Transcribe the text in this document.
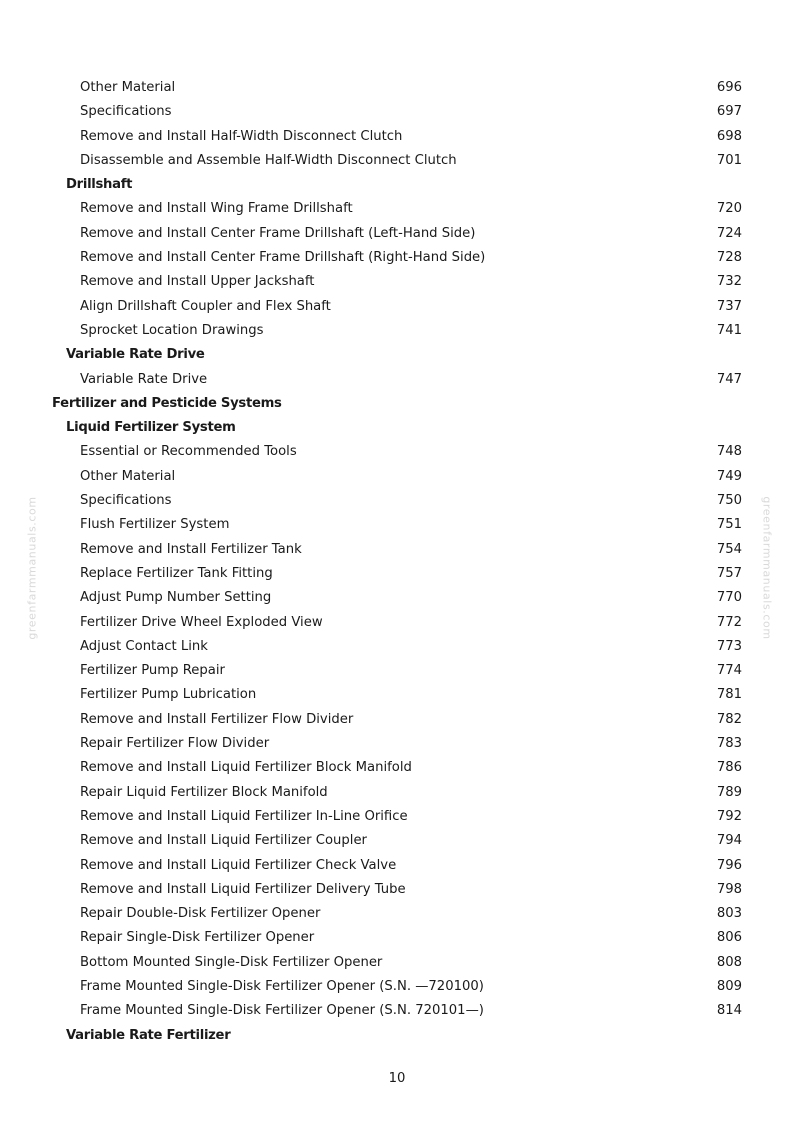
Other Material	696
Specifications	697
Remove and Install Half-Width Disconnect Clutch	698
Disassemble and Assemble Half-Width Disconnect Clutch	701
Drillshaft
Remove and Install Wing Frame Drillshaft	720
Remove and Install Center Frame Drillshaft (Left-Hand Side)	724
Remove and Install Center Frame Drillshaft (Right-Hand Side)	728
Remove and Install Upper Jackshaft	732
Align Drillshaft Coupler and Flex Shaft	737
Sprocket Location Drawings	741
Variable Rate Drive
Variable Rate Drive	747
Fertilizer and Pesticide Systems
Liquid Fertilizer System
Essential or Recommended Tools	748
Other Material	749
Specifications	750
Flush Fertilizer System	751
Remove and Install Fertilizer Tank	754
Replace Fertilizer Tank Fitting	757
Adjust Pump Number Setting	770
Fertilizer Drive Wheel Exploded View	772
Adjust Contact Link	773
Fertilizer Pump Repair	774
Fertilizer Pump Lubrication	781
Remove and Install Fertilizer Flow Divider	782
Repair Fertilizer Flow Divider	783
Remove and Install Liquid Fertilizer Block Manifold	786
Repair Liquid Fertilizer Block Manifold	789
Remove and Install Liquid Fertilizer In-Line Orifice	792
Remove and Install Liquid Fertilizer Coupler	794
Remove and Install Liquid Fertilizer Check Valve	796
Remove and Install Liquid Fertilizer Delivery Tube	798
Repair Double-Disk Fertilizer Opener	803
Repair Single-Disk Fertilizer Opener	806
Bottom Mounted Single-Disk Fertilizer Opener	808
Frame Mounted Single-Disk Fertilizer Opener (S.N. —720100)	809
Frame Mounted Single-Disk Fertilizer Opener (S.N. 720101—)	814
Variable Rate Fertilizer
greenfarmmanuals.com	greenfarmmanuals.com
10
